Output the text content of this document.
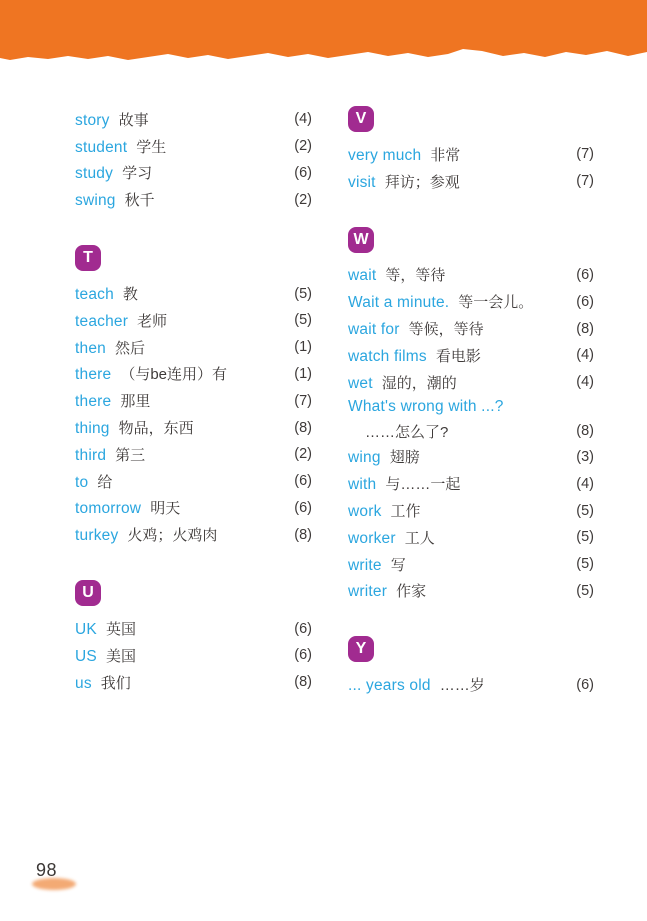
story 故事	(4)
student 学生	(2)
study 学习	(6)
swing 秋千	(2)
T
teach 教	(5)
teacher 老师	(5)
then 然后	(1)
there （与be连用）有	(1)
there 那里	(7)
thing 物品，东西	(8)
third 第三	(2)
to 给	(6)
tomorrow 明天	(6)
turkey 火鸡；火鸡肉	(8)
U
UK 英国	(6)
US 美国	(6)
us 我们	(8)
V
very much 非常	(7)
visit 拜访；参观	(7)
W
wait 等，等待	(6)
Wait a minute. 等一会儿。	(6)
wait for 等候，等待	(8)
watch films 看电影	(4)
wet 湿的，潮的	(4)
What's wrong with ...?
……怎么了?	(8)
wing 翅膀	(3)
with 与……一起	(4)
work 工作	(5)
worker 工人	(5)
write 写	(5)
writer 作家	(5)
Y
... years old ……岁	(6)
98
